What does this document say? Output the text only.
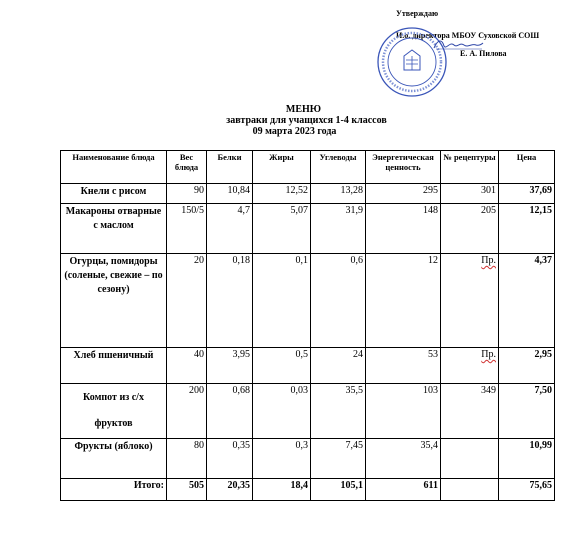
Утверждаю
И.о. директора МБОУ Суховской СОШ
Е. А. Пилова
МЕНЮ
завтраки для учащихся 1-4 классов
09 марта 2023 года
Наименование блюда	Вес блюда	Белки	Жиры	Углеводы	Энергетическая ценность	№ рецептуры	Цена
Кнели с рисом	90	10,84	12,52	13,28	295	301	37,69
Макароны отварные с маслом	150/5	4,7	5,07	31,9	148	205	12,15
Огурцы, помидоры (соленые, свежие – по сезону)	20	0,18	0,1	0,6	12	Пр.	4,37
Хлеб пшеничный	40	3,95	0,5	24	53	Пр.	2,95
Компот из с/х фруктов	200	0,68	0,03	35,5	103	349	7,50
Фрукты (яблоко)	80	0,35	0,3	7,45	35,4		10,99
Итого:	505	20,35	18,4	105,1	611		75,65
